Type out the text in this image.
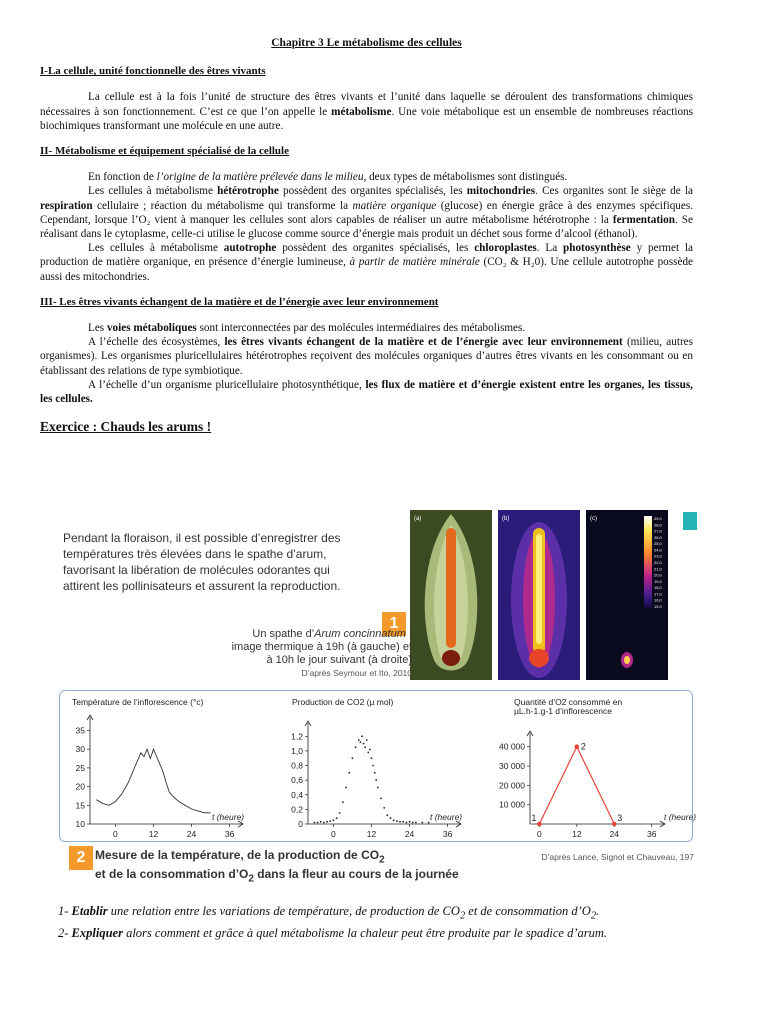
Chapitre 3 Le métabolisme des cellules

I-La cellule, unité fonctionnelle des êtres vivants

La cellule est à la fois l’unité de structure des êtres vivants et l’unité dans laquelle se déroulent des transformations chimiques nécessaires à son fonctionnement. C’est ce que l’on appelle le métabolisme. Une voie métabolique est un ensemble de nombreuses réactions biochimiques transformant une molécule en une autre.

II- Métabolisme et équipement spécialisé de la cellule

En fonction de l’origine de la matière prélevée dans le milieu, deux types de métabolismes sont distingués.

Les cellules à métabolisme hétérotrophe possèdent des organites spécialisés, les mitochondries. Ces organites sont le siège de la respiration cellulaire ; réaction du métabolisme qui transforme la matière organique (glucose) en énergie grâce à des enzymes spécifiques. Cependant, lorsque l’O₂ vient à manquer les cellules sont alors capables de réaliser un autre métabolisme hétérotrophe : la fermentation. Se réalisant dans le cytoplasme, celle-ci utilise le glucose comme source d’énergie mais produit un déchet sous forme d’alcool (éthanol).

Les cellules à métabolisme autotrophe possèdent des organites spécialisés, les chloroplastes. La photosynthèse y permet la production de matière organique, en présence d’énergie lumineuse, à partir de matière minérale (CO₂ & H₂0). Une cellule autotrophe possède aussi des mitochondries.

III- Les êtres vivants échangent de la matière et de l’énergie avec leur environnement

Les voies métaboliques sont interconnectées par des molécules intermédiaires des métabolismes.

A l’échelle des écosystèmes, les êtres vivants échangent de la matière et de l’énergie avec leur environnement (milieu, autres organismes). Les organismes pluricellulaires hétérotrophes reçoivent des molécules organiques d’autres êtres vivants en les consommant ou en établissant des relations de type symbiotique.

A l’échelle d’un organisme pluricellulaire photosynthétique, les flux de matière et d’énergie existent entre les organes, les tissus, les cellules.

Exercice : Chauds les arums !

Pendant la floraison, il est possible d’enregistrer des températures très élevées dans le spathe d’arum, favorisant la libération de molécules odorantes qui attirent les pollinisateurs et assurent la reproduction.
(a)	(b)	29,0
28,0
27,0
26,0
25,0
24,0
23,0
22,0
21,0
20,0
19,0
18,0
17,0
16,0
15,0
(c)
1
Un spathe d’Arum concinnatum : image thermique à 19h (à gauche) et à 10h le jour suivant (à droite)
D’après Seymour et Ito, 2010
Température de l’inflorescence (°c)
10
15
20
25
30
35
0	12	24	36
t (heure)
Production de CO2 (µ mol)
0
0,2
0,4
0,6
0,8
1,0
1,2
0	12	24	36
t (heure)
Quantité d’O2 consommé en
µL.h-1.g-1 d’inflorescence
10 000
20 000
30 000
40 000
0	12	24	36
t (heure)
1
2
3
2 Mesure de la température, de la production de $CO_2$
et de la consommation $d’O_2$ dans la fleur au cours de la journée
D’après Lance, Signol et Chauveau, 197
1- Etablir une relation entre les variations de température, de production de $CO_2$ et de consommation $d’O_2$.
2- Expliquer alors comment et grâce à quel métabolisme la chaleur peut être produite par le spadice d’arum.
